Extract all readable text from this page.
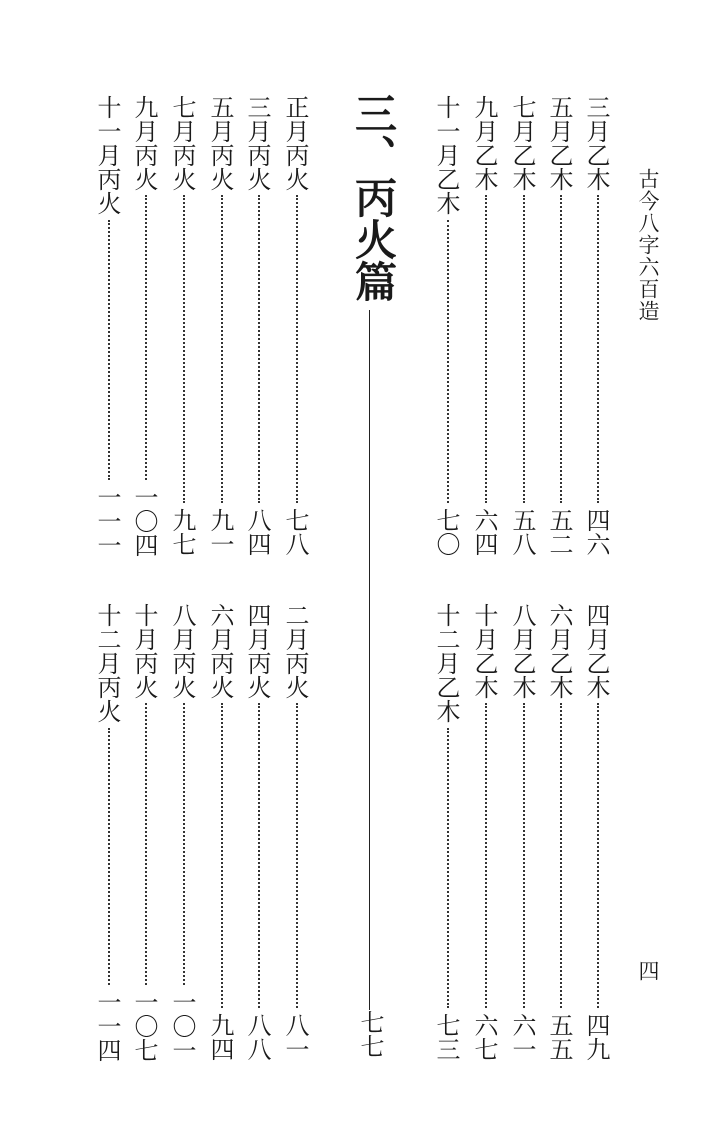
古今八字六百造
四
三月乙木
四六
五月乙木
五二
七月乙木
五八
九月乙木
六四
十一月乙木
七〇
四月乙木
四九
六月乙木
五五
八月乙木
六一
十月乙木
六七
十二月乙木
七三
三、丙火篇
七七
正月丙火
七八
三月丙火
八四
五月丙火
九一
七月丙火
九七
九月丙火
一〇四
十一月丙火
一一一
二月丙火
八一
四月丙火
八八
六月丙火
九四
八月丙火
一〇一
十月丙火
一〇七
十二月丙火
一一四
